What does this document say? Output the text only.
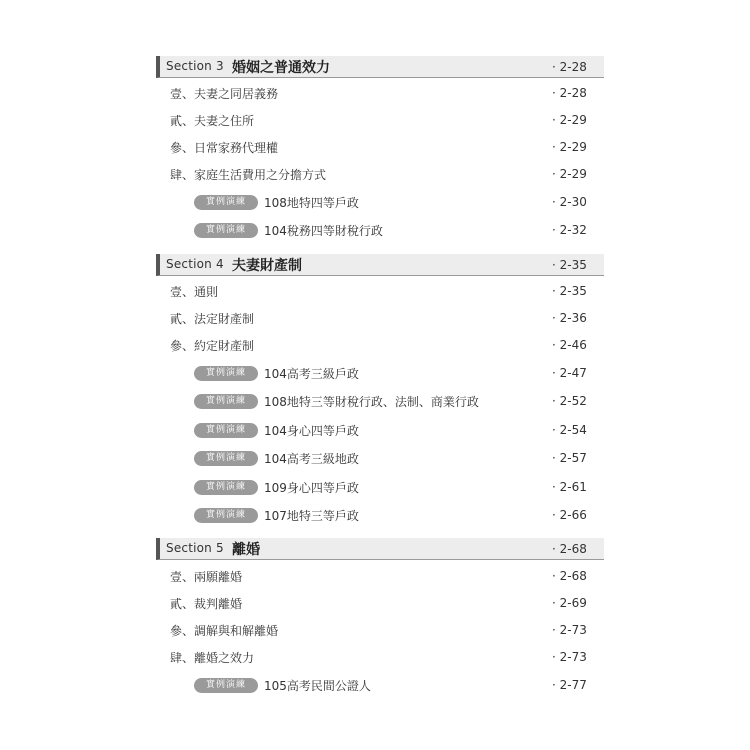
Section 3 婚姻之普通效力	· 2-28
壹、夫妻之同居義務	· 2-28
貳、夫妻之住所	· 2-29
參、日常家務代理權	· 2-29
肆、家庭生活費用之分擔方式	· 2-29
實例演練	108地特四等戶政	· 2-30
實例演練	104稅務四等財稅行政	· 2-32
Section 4 夫妻財產制	· 2-35
壹、通則	· 2-35
貳、法定財產制	· 2-36
參、約定財產制	· 2-46
實例演練	104高考三級戶政	· 2-47
實例演練	108地特三等財稅行政、法制、商業行政	· 2-52
實例演練	104身心四等戶政	· 2-54
實例演練	104高考三級地政	· 2-57
實例演練	109身心四等戶政	· 2-61
實例演練	107地特三等戶政	· 2-66
Section 5 離婚	· 2-68
壹、兩願離婚	· 2-68
貳、裁判離婚	· 2-69
參、調解與和解離婚	· 2-73
肆、離婚之效力	· 2-73
實例演練	105高考民間公證人	· 2-77
